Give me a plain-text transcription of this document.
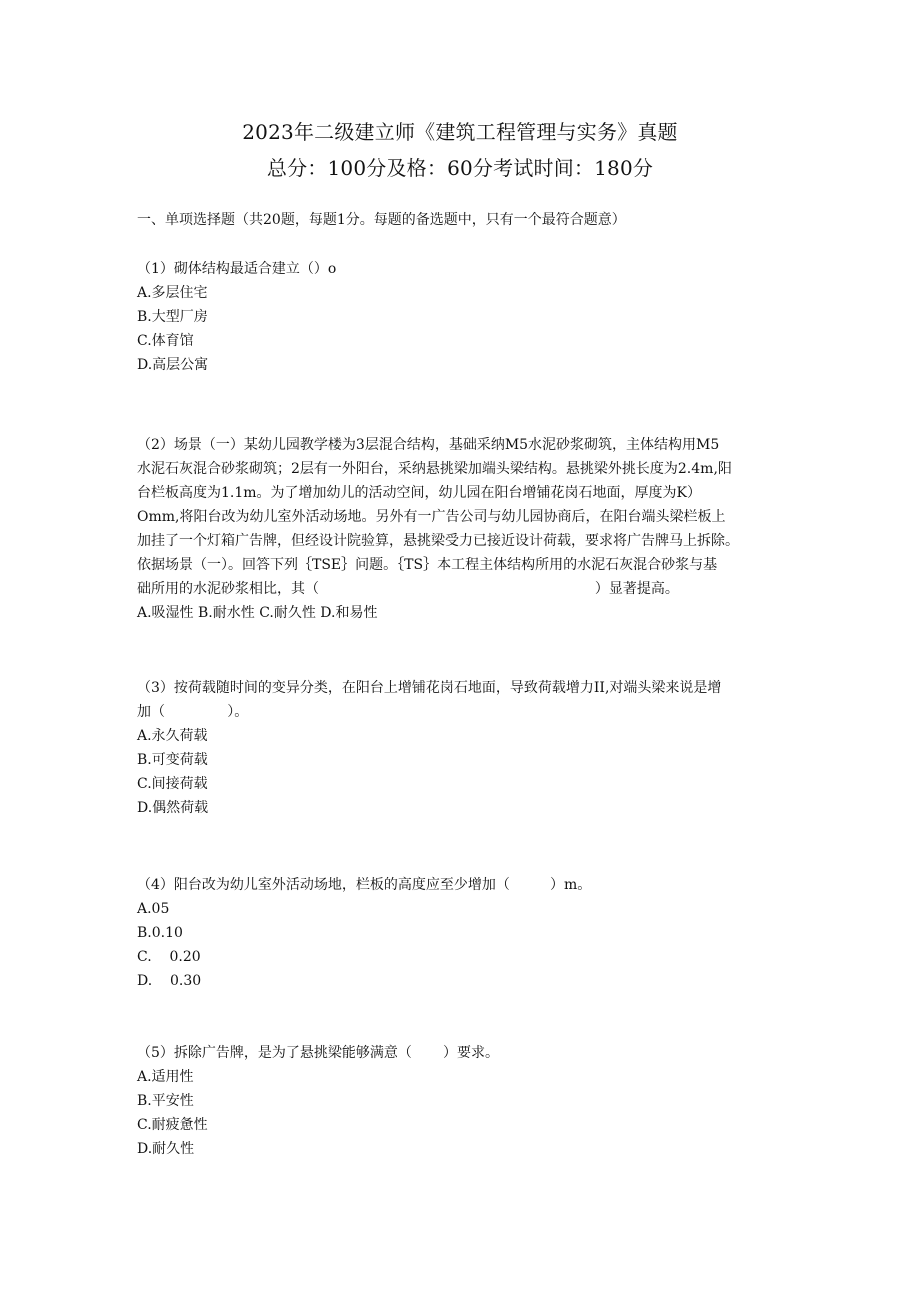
2023年二级建立师《建筑工程管理与实务》真题
总分：100分及格：60分考试时间：180分
一、单项选择题（共20题，每题1分。每题的备选题中，只有一个最符合题意）

（1）砌体结构最适合建立（）o

A.多层住宅

B.大型厂房

C.体育馆

D.高层公寓

（2）场景（一）某幼儿园教学楼为3层混合结构，基础采纳M5水泥砂浆砌筑，主体结构用M5

水泥石灰混合砂浆砌筑；2层有一外阳台，采纳悬挑梁加端头梁结构。悬挑梁外挑长度为2.4m,阳

台栏板高度为1.1m。为了增加幼儿的活动空间，幼儿园在阳台增铺花岗石地面，厚度为K）

Omm,将阳台改为幼儿室外活动场地。另外有一广告公司与幼儿园协商后，在阳台端头梁栏板上

加挂了一个灯箱广告牌，但经设计院验算，悬挑梁受力已接近设计荷载，要求将广告牌马上拆除。

依据场景（一）。回答下列｛TSE｝问题。｛TS｝本工程主体结构所用的水泥石灰混合砂浆与基

础所用的水泥砂浆相比，其（                                                              ）显著提高。

A.吸湿性 B.耐水性 C.耐久性 D.和易性

（3）按荷载随时间的变异分类，在阳台上增铺花岗石地面，导致荷载增力II,对端头梁来说是增

加（              ）。

A.永久荷载

B.可变荷载

C.间接荷载

D.偶然荷载

（4）阳台改为幼儿室外活动场地，栏板的高度应至少增加（         ）m。

A.05

B.0.10

C.    0.20

D.    0.30

（5）拆除广告牌，是为了悬挑梁能够满意（       ）要求。

A.适用性

B.平安性

C.耐疲惫性

D.耐久性
